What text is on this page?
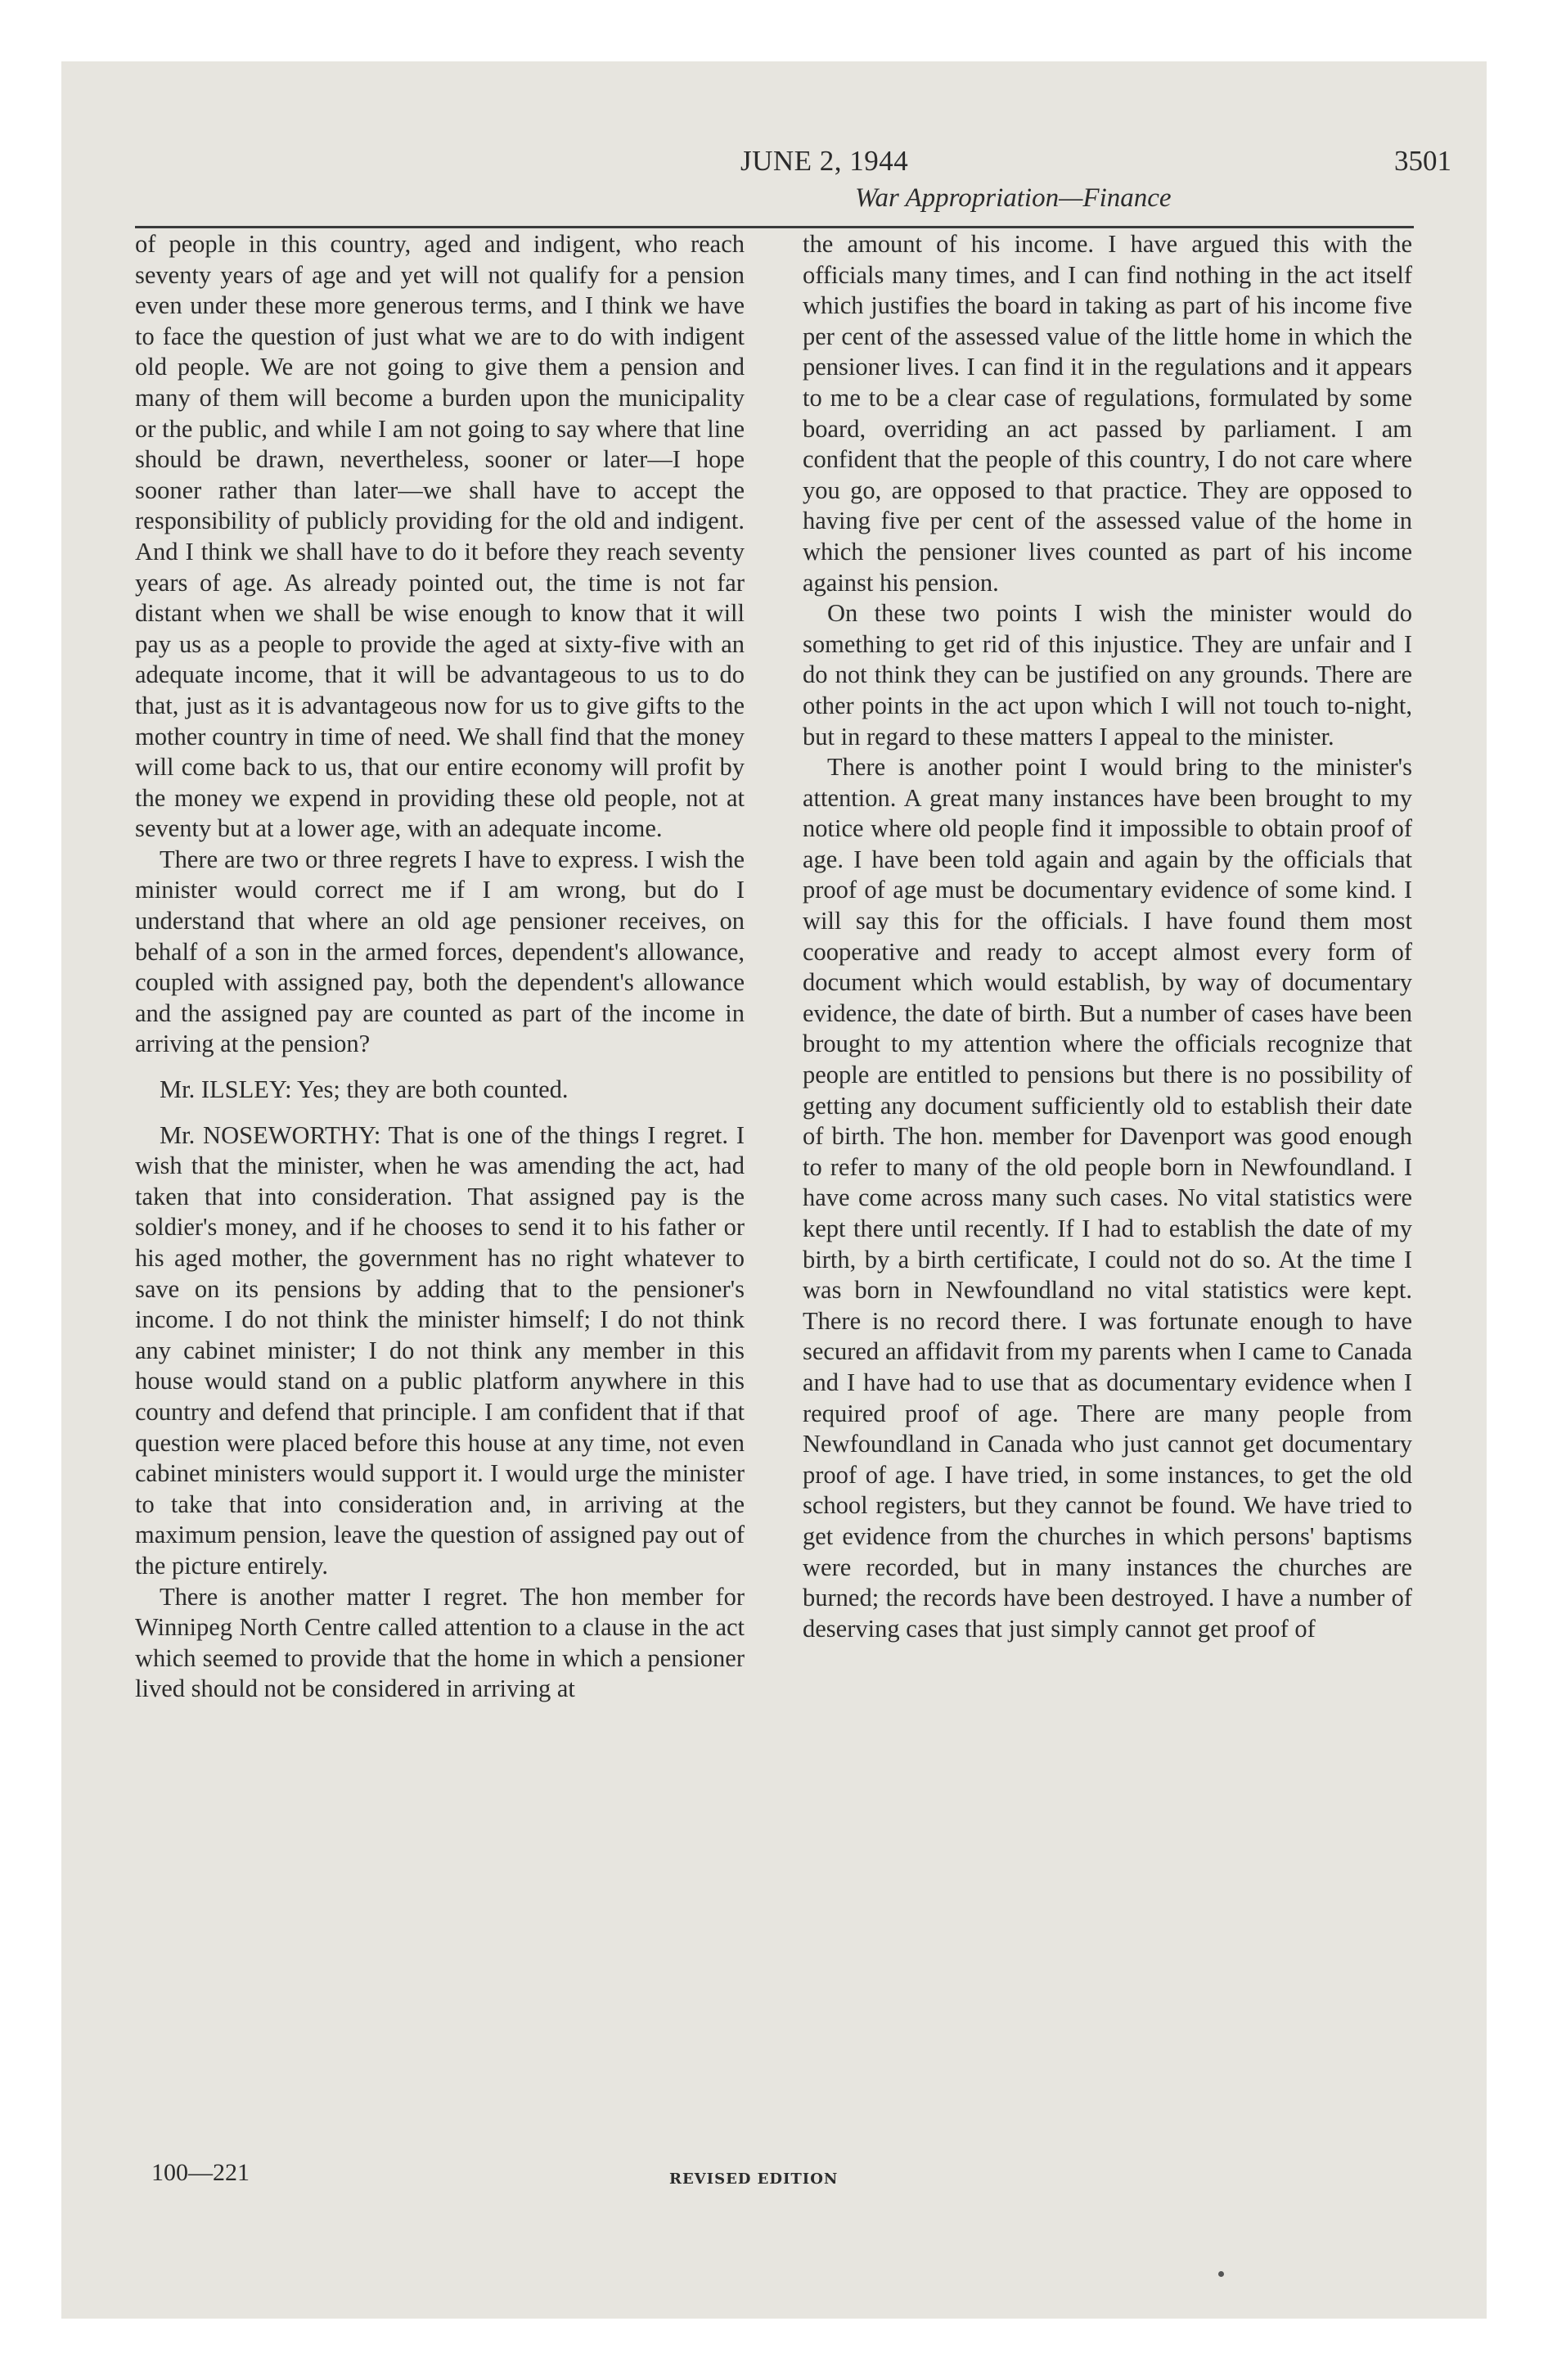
JUNE 2, 1944
War Appropriation—Finance
3501

of people in this country, aged and indigent, who reach seventy years of age and yet will not qualify for a pension even under these more generous terms, and I think we have to face the question of just what we are to do with indigent old people. We are not going to give them a pension and many of them will become a burden upon the municipality or the public, and while I am not going to say where that line should be drawn, nevertheless, sooner or later—I hope sooner rather than later—we shall have to accept the responsibility of publicly providing for the old and indigent. And I think we shall have to do it before they reach seventy years of age. As already pointed out, the time is not far distant when we shall be wise enough to know that it will pay us as a people to provide the aged at sixty-five with an adequate income, that it will be advantageous to us to do that, just as it is advantageous now for us to give gifts to the mother country in time of need. We shall find that the money will come back to us, that our entire economy will profit by the money we expend in providing these old people, not at seventy but at a lower age, with an adequate income.

There are two or three regrets I have to express. I wish the minister would correct me if I am wrong, but do I understand that where an old age pensioner receives, on behalf of a son in the armed forces, dependent's allowance, coupled with assigned pay, both the dependent's allowance and the assigned pay are counted as part of the income in arriving at the pension?

Mr. ILSLEY: Yes; they are both counted.

Mr. NOSEWORTHY: That is one of the things I regret. I wish that the minister, when he was amending the act, had taken that into consideration. That assigned pay is the soldier's money, and if he chooses to send it to his father or his aged mother, the government has no right whatever to save on its pensions by adding that to the pensioner's income. I do not think the minister himself; I do not think any cabinet minister; I do not think any member in this house would stand on a public platform anywhere in this country and defend that principle. I am confident that if that question were placed before this house at any time, not even cabinet ministers would support it. I would urge the minister to take that into consideration and, in arriving at the maximum pension, leave the question of assigned pay out of the picture entirely.

There is another matter I regret. The hon member for Winnipeg North Centre called attention to a clause in the act which seemed to provide that the home in which a pensioner lived should not be considered in arriving at

the amount of his income. I have argued this with the officials many times, and I can find nothing in the act itself which justifies the board in taking as part of his income five per cent of the assessed value of the little home in which the pensioner lives. I can find it in the regulations and it appears to me to be a clear case of regulations, formulated by some board, overriding an act passed by parliament. I am confident that the people of this country, I do not care where you go, are opposed to that practice. They are opposed to having five per cent of the assessed value of the home in which the pensioner lives counted as part of his income against his pension.

On these two points I wish the minister would do something to get rid of this injustice. They are unfair and I do not think they can be justified on any grounds. There are other points in the act upon which I will not touch to-night, but in regard to these matters I appeal to the minister.

There is another point I would bring to the minister's attention. A great many instances have been brought to my notice where old people find it impossible to obtain proof of age. I have been told again and again by the officials that proof of age must be documentary evidence of some kind. I will say this for the officials. I have found them most cooperative and ready to accept almost every form of document which would establish, by way of documentary evidence, the date of birth. But a number of cases have been brought to my attention where the officials recognize that people are entitled to pensions but there is no possibility of getting any document sufficiently old to establish their date of birth. The hon. member for Davenport was good enough to refer to many of the old people born in Newfoundland. I have come across many such cases. No vital statistics were kept there until recently. If I had to establish the date of my birth, by a birth certificate, I could not do so. At the time I was born in Newfoundland no vital statistics were kept. There is no record there. I was fortunate enough to have secured an affidavit from my parents when I came to Canada and I have had to use that as documentary evidence when I required proof of age. There are many people from Newfoundland in Canada who just cannot get documentary proof of age. I have tried, in some instances, to get the old school registers, but they cannot be found. We have tried to get evidence from the churches in which persons' baptisms were recorded, but in many instances the churches are burned; the records have been destroyed. I have a number of deserving cases that just simply cannot get proof of

100—221	REVISED EDITION
